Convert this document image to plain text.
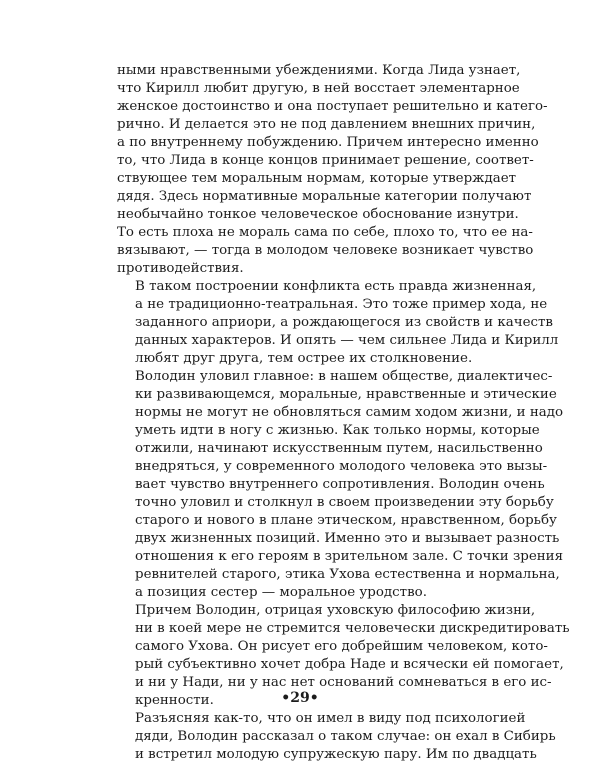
ными нравственными убеждениями. Когда Лида узнает,
что Кирилл любит другую, в ней восстает элементарное
женское достоинство и она поступает решительно и катего-
рично. И делается это не под давлением внешних причин,
а по внутреннему побуждению. Причем интересно именно
то, что Лида в конце концов принимает решение, соответ-
ствующее тем моральным нормам, которые утверждает
дядя. Здесь нормативные моральные категории получают
необычайно тонкое человеческое обоснование изнутри.
То есть плоха не мораль сама по себе, плохо то, что ее на-
вязывают, — тогда в молодом человеке возникает чувство
противодействия.
В таком построении конфликта есть правда жизненная,
а не традиционно-театральная. Это тоже пример хода, не
заданного априори, а рождающегося из свойств и качеств
данных характеров. И опять — чем сильнее Лида и Кирилл
любят друг друга, тем острее их столкновение.
Володин уловил главное: в нашем обществе, диалектичес-
ки развивающемся, моральные, нравственные и этические
нормы не могут не обновляться самим ходом жизни, и надо
уметь идти в ногу с жизнью. Как только нормы, которые
отжили, начинают искусственным путем, насильственно
внедряться, у современного молодого человека это вызы-
вает чувство внутреннего сопротивления. Володин очень
точно уловил и столкнул в своем произведении эту борьбу
старого и нового в плане этическом, нравственном, борьбу
двух жизненных позиций. Именно это и вызывает разность
отношения к его героям в зрительном зале. С точки зрения
ревнителей старого, этика Ухова естественна и нормальна,
а позиция сестер — моральное уродство.
Причем Володин, отрицая уховскую философию жизни,
ни в коей мере не стремится человечески дискредитировать
самого Ухова. Он рисует его добрейшим человеком, кото-
рый субъективно хочет добра Наде и всячески ей помогает,
и ни у Нади, ни у нас нет оснований сомневаться в его ис-
кренности.
Разъясняя как-то, что он имел в виду под психологией
дяди, Володин рассказал о таком случае: он ехал в Сибирь
и встретил молодую супружескую пару. Им по двадцать
•29•
